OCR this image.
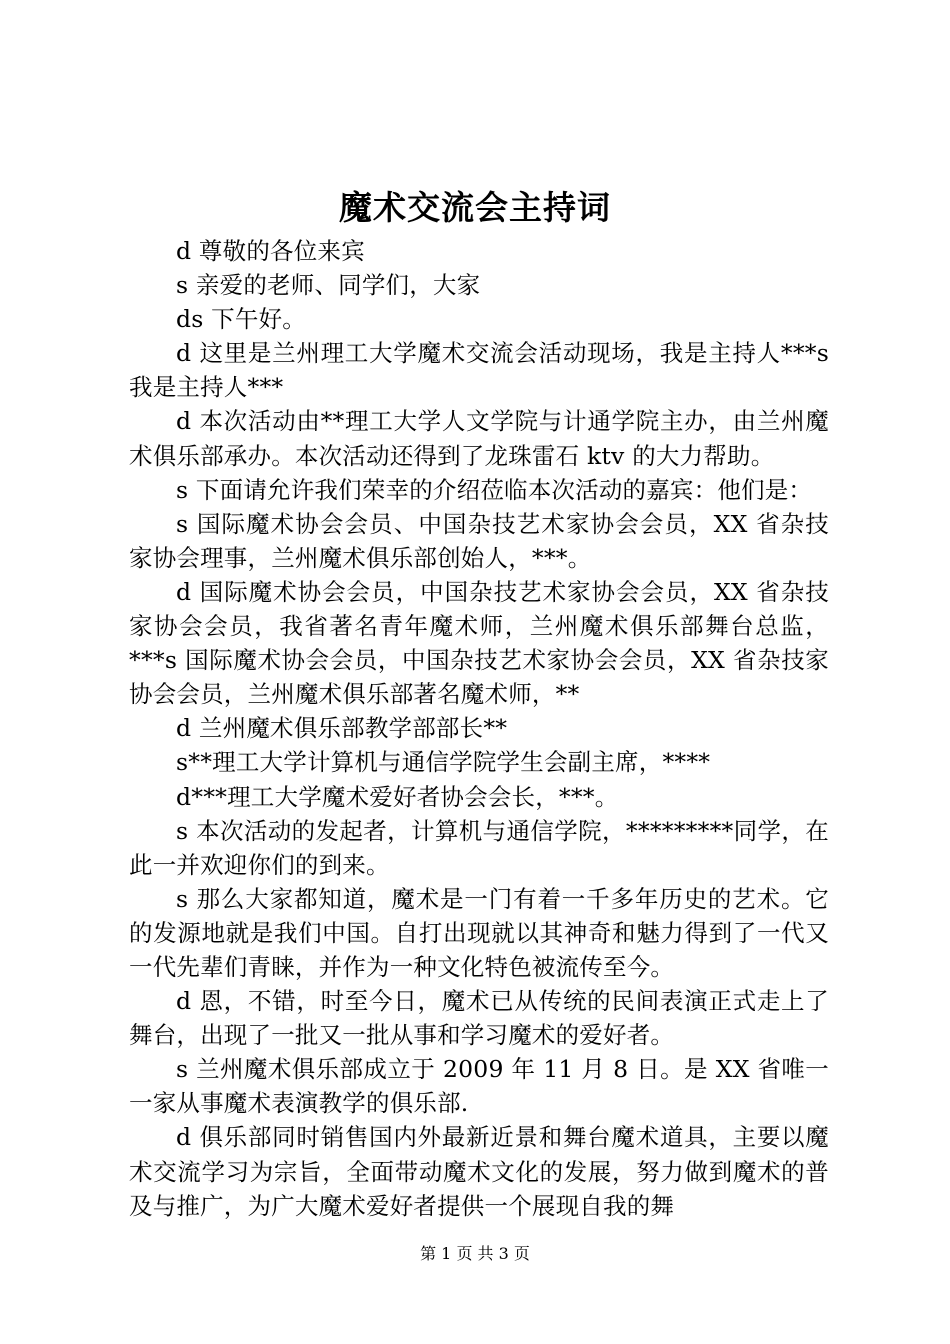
魔术交流会主持词

d 尊敬的各位来宾

s 亲爱的老师、同学们，大家

ds 下午好。

d 这里是兰州理工大学魔术交流会活动现场，我是主持人***s 我是主持人***

d 本次活动由**理工大学人文学院与计通学院主办，由兰州魔术俱乐部承办。本次活动还得到了龙珠雷石 ktv 的大力帮助。

s 下面请允许我们荣幸的介绍莅临本次活动的嘉宾：他们是：

s 国际魔术协会会员、中国杂技艺术家协会会员，XX 省杂技家协会理事，兰州魔术俱乐部创始人，***。

d 国际魔术协会会员，中国杂技艺术家协会会员，XX 省杂技家协会会员，我省著名青年魔术师，兰州魔术俱乐部舞台总监，***s 国际魔术协会会员，中国杂技艺术家协会会员，XX 省杂技家协会会员，兰州魔术俱乐部著名魔术师，**

d 兰州魔术俱乐部教学部部长**

s**理工大学计算机与通信学院学生会副主席，****

d***理工大学魔术爱好者协会会长，***。

s 本次活动的发起者，计算机与通信学院，*********同学，在此一并欢迎你们的到来。

s 那么大家都知道，魔术是一门有着一千多年历史的艺术。它的发源地就是我们中国。自打出现就以其神奇和魅力得到了一代又一代先辈们青睐，并作为一种文化特色被流传至今。

d 恩，不错，时至今日，魔术已从传统的民间表演正式走上了舞台，出现了一批又一批从事和学习魔术的爱好者。

s 兰州魔术俱乐部成立于 2009 年 11 月 8 日。是 XX 省唯一一家从事魔术表演教学的俱乐部.

d 俱乐部同时销售国内外最新近景和舞台魔术道具，主要以魔术交流学习为宗旨，全面带动魔术文化的发展，努力做到魔术的普及与推广，为广大魔术爱好者提供一个展现自我的舞

第 1 页 共 3 页
